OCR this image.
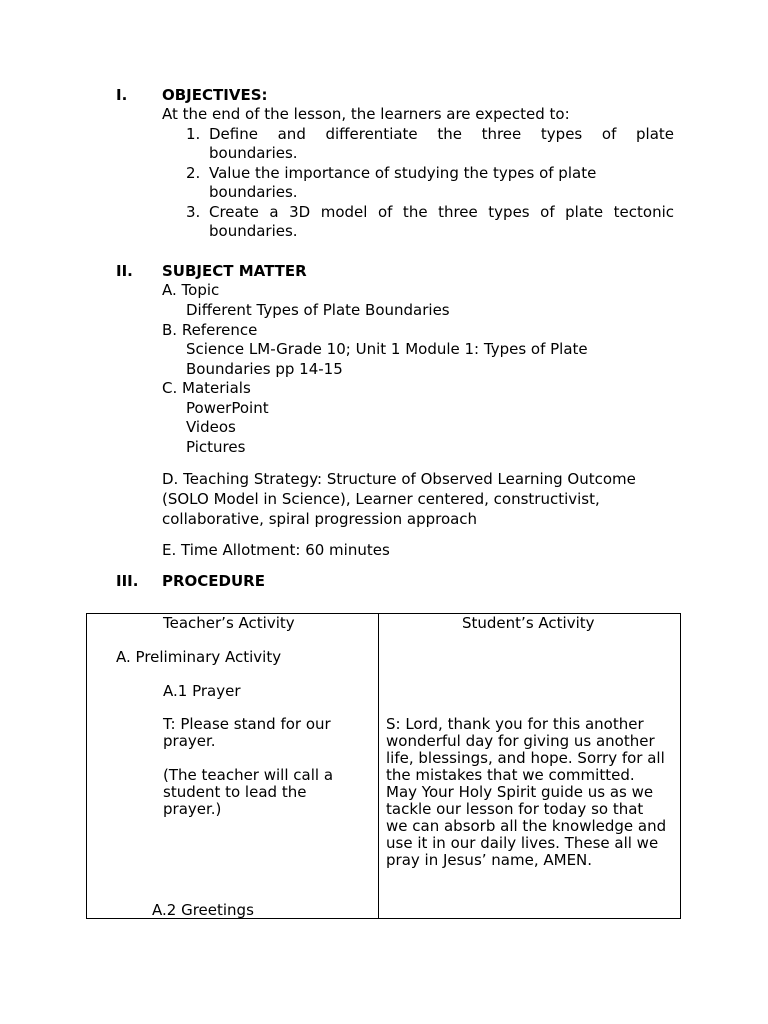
I. OBJECTIVES:
At the end of the lesson, the learners are expected to:
1. Define and differentiate the three types of plate
boundaries.
2. Value the importance of studying the types of plate
boundaries.
3. Create a 3D model of the three types of plate tectonic
boundaries.
II. SUBJECT MATTER
A. Topic
Different Types of Plate Boundaries
B. Reference
Science LM-Grade 10; Unit 1 Module 1: Types of Plate
Boundaries pp 14-15
C. Materials
PowerPoint
Videos
Pictures
D. Teaching Strategy: Structure of Observed Learning Outcome
(SOLO Model in Science), Learner centered, constructivist,
collaborative, spiral progression approach
E. Time Allotment: 60 minutes
III. PROCEDURE
Teacher’s Activity	Student’s Activity
A. Preliminary Activity
A.1 Prayer
T: Please stand for our
prayer.
(The teacher will call a
student to lead the
prayer.)
S: Lord, thank you for this another
wonderful day for giving us another
life, blessings, and hope. Sorry for all
the mistakes that we committed.
May Your Holy Spirit guide us as we
tackle our lesson for today so that
we can absorb all the knowledge and
use it in our daily lives. These all we
pray in Jesus’ name, AMEN.
A.2 Greetings
